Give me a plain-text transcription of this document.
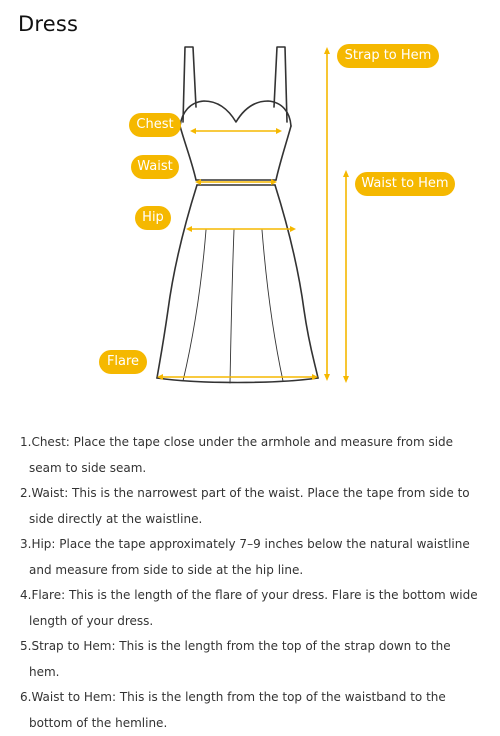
Dress
Chest
Waist
Hip
Flare
Strap to Hem
Waist to Hem
1.Chest: Place the tape close under the armhole and measure from side seam to side seam.
2.Waist: This is the narrowest part of the waist. Place the tape from side to side directly at the waistline.
3.Hip: Place the tape approximately 7–9 inches below the natural waistline and measure from side to side at the hip line.
4.Flare: This is the length of the flare of your dress. Flare is the bottom wide length of your dress.
5.Strap to Hem: This is the length from the top of the strap down to the hem.
6.Waist to Hem: This is the length from the top of the waistband to the bottom of the hemline.
